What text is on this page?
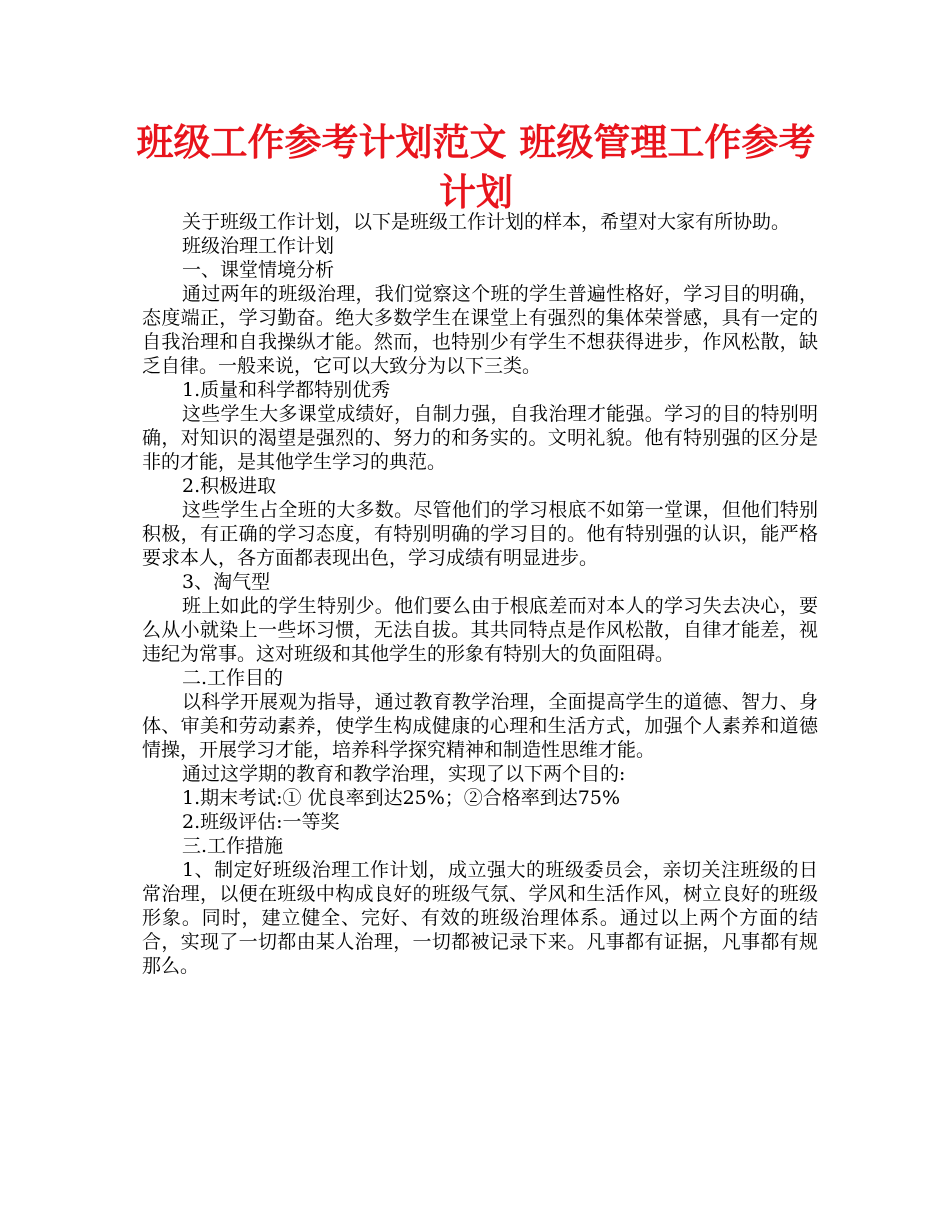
班级工作参考计划范文 班级管理工作参考计划

关于班级工作计划，以下是班级工作计划的样本，希望对大家有所协助。

班级治理工作计划

一、课堂情境分析

通过两年的班级治理，我们觉察这个班的学生普遍性格好，学习目的明确，态度端正，学习勤奋。绝大多数学生在课堂上有强烈的集体荣誉感，具有一定的自我治理和自我操纵才能。然而，也特别少有学生不想获得进步，作风松散，缺乏自律。一般来说，它可以大致分为以下三类。

1.质量和科学都特别优秀

这些学生大多课堂成绩好，自制力强，自我治理才能强。学习的目的特别明确，对知识的渴望是强烈的、努力的和务实的。文明礼貌。他有特别强的区分是非的才能，是其他学生学习的典范。

2.积极进取

这些学生占全班的大多数。尽管他们的学习根底不如第一堂课，但他们特别积极，有正确的学习态度，有特别明确的学习目的。他有特别强的认识，能严格要求本人，各方面都表现出色，学习成绩有明显进步。

3、淘气型

班上如此的学生特别少。他们要么由于根底差而对本人的学习失去决心，要么从小就染上一些坏习惯，无法自拔。其共同特点是作风松散，自律才能差，视违纪为常事。这对班级和其他学生的形象有特别大的负面阻碍。

二.工作目的

以科学开展观为指导，通过教育教学治理，全面提高学生的道德、智力、身体、审美和劳动素养，使学生构成健康的心理和生活方式，加强个人素养和道德情操，开展学习才能，培养科学探究精神和制造性思维才能。

通过这学期的教育和教学治理，实现了以下两个目的:

1.期末考试:① 优良率到达25%；②合格率到达75%

2.班级评估:一等奖

三.工作措施

1、制定好班级治理工作计划，成立强大的班级委员会，亲切关注班级的日常治理，以便在班级中构成良好的班级气氛、学风和生活作风，树立良好的班级形象。同时，建立健全、完好、有效的班级治理体系。通过以上两个方面的结合，实现了一切都由某人治理，一切都被记录下来。凡事都有证据，凡事都有规那么。
